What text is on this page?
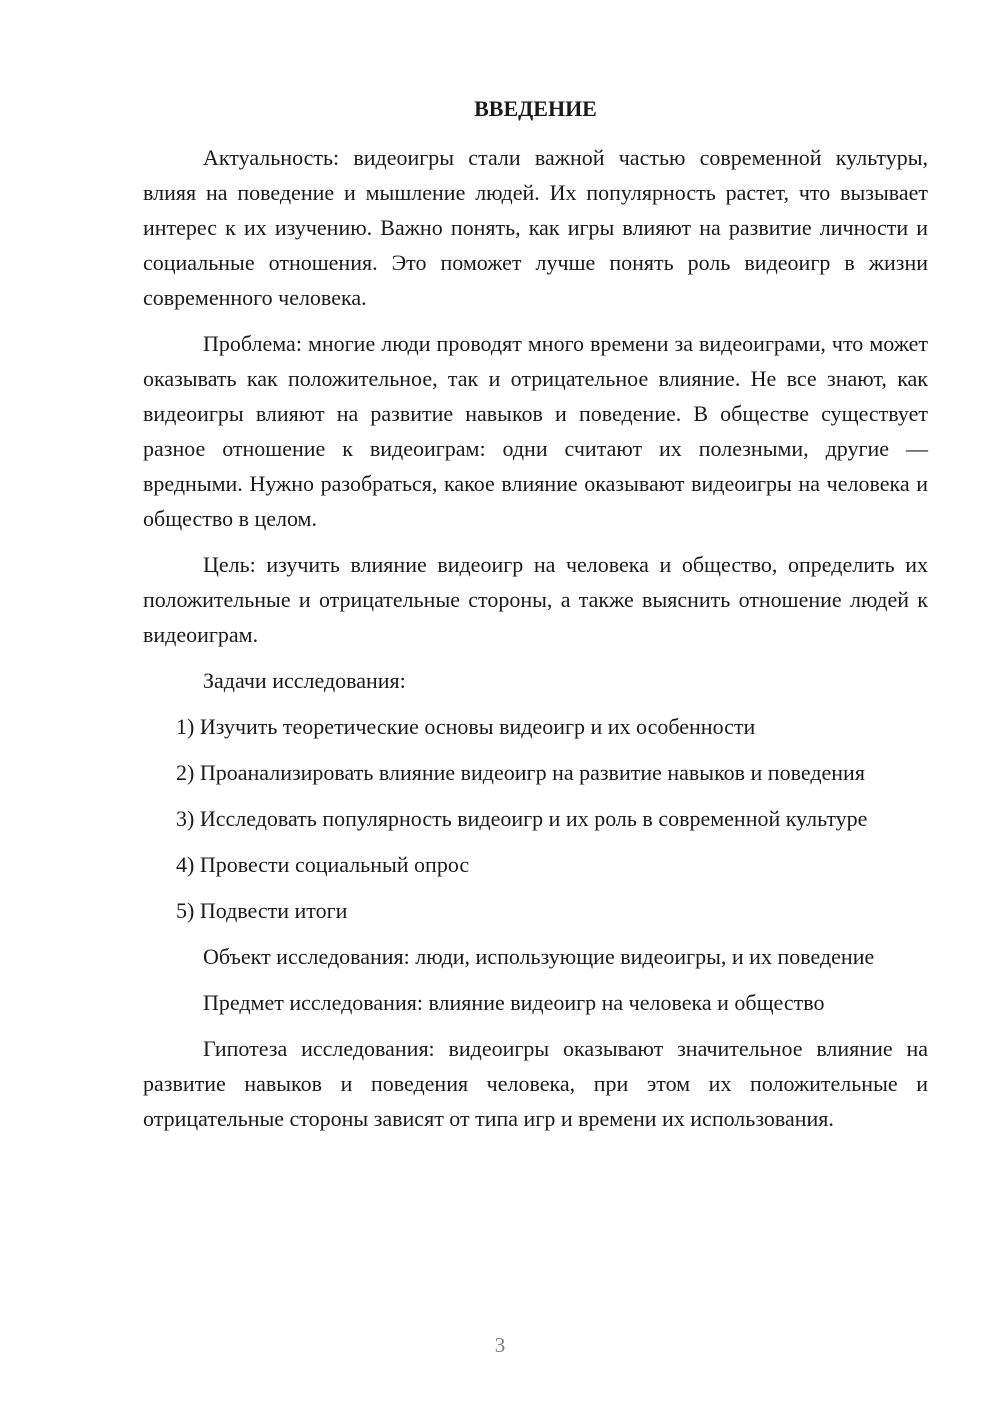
ВВЕДЕНИЕ

Актуальность: видеоигры стали важной частью современной культуры, влияя на поведение и мышление людей. Их популярность растет, что вызывает интерес к их изучению. Важно понять, как игры влияют на развитие личности и социальные отношения. Это поможет лучше понять роль видеоигр в жизни современного человека.

Проблема: многие люди проводят много времени за видеоиграми, что может оказывать как положительное, так и отрицательное влияние. Не все знают, как видеоигры влияют на развитие навыков и поведение. В обществе существует разное отношение к видеоиграм: одни считают их полезными, другие — вредными. Нужно разобраться, какое влияние оказывают видеоигры на человека и общество в целом.

Цель: изучить влияние видеоигр на человека и общество, определить их положительные и отрицательные стороны, а также выяснить отношение людей к видеоиграм.

Задачи исследования:

1) Изучить теоретические основы видеоигр и их особенности

2) Проанализировать влияние видеоигр на развитие навыков и поведения

3) Исследовать популярность видеоигр и их роль в современной культуре

4) Провести социальный опрос

5) Подвести итоги

Объект исследования: люди, использующие видеоигры, и их поведение

Предмет исследования: влияние видеоигр на человека и общество

Гипотеза исследования: видеоигры оказывают значительное влияние на развитие навыков и поведения человека, при этом их положительные и отрицательные стороны зависят от типа игр и времени их использования.

3
